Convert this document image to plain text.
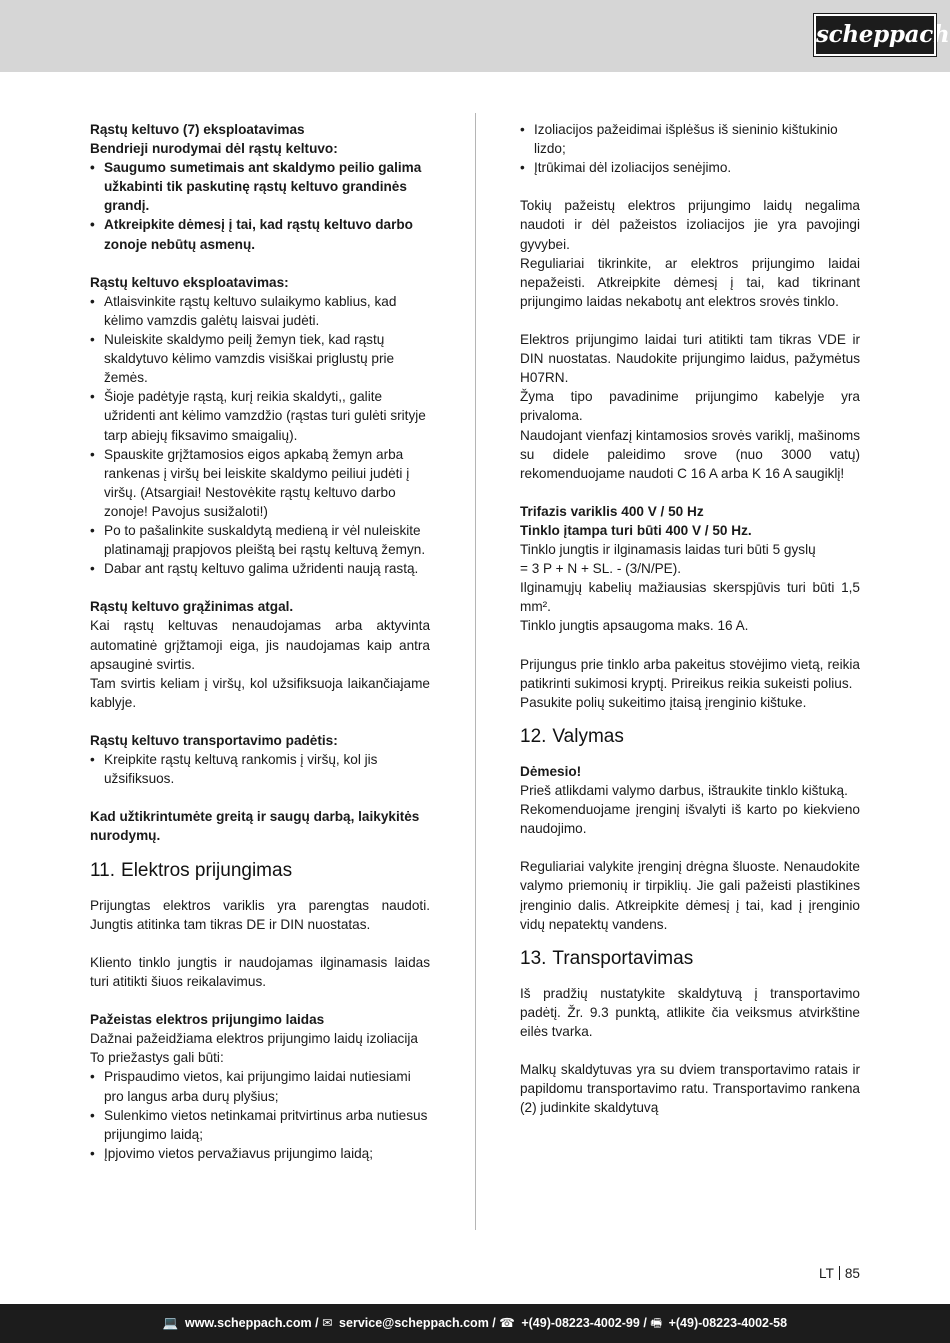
scheppach

Rąstų keltuvo (7) eksploatavimas

Bendrieji nurodymai dėl rąstų keltuvo:

• Saugumo sumetimais ant skaldymo peilio galima užkabinti tik paskutinę rąstų keltuvo grandinės grandį.
• Atkreipkite dėmesį į tai, kad rąstų keltuvo darbo zonoje nebūtų asmenų.

Rąstų keltuvo eksploatavimas:

• Atlaisvinkite rąstų keltuvo sulaikymo kablius, kad kėlimo vamzdis galėtų laisvai judėti.
• Nuleiskite skaldymo peilį žemyn tiek, kad rąstų skaldytuvo kėlimo vamzdis visiškai priglustų prie žemės.
• Šioje padėtyje rąstą, kurį reikia skaldyti,, galite užridenti ant kėlimo vamzdžio (rąstas turi gulėti srityje tarp abiejų fiksavimo smaigalių).
• Spauskite grįžtamosios eigos apkabą žemyn arba rankenas į viršų bei leiskite skaldymo peiliui judėti į viršų. (Atsargiai! Nestovėkite rąstų keltuvo darbo zonoje! Pavojus susižaloti!)
• Po to pašalinkite suskaldytą medieną ir vėl nuleiskite platinamąjį prapjovos pleištą bei rąstų keltuvą žemyn.
• Dabar ant rąstų keltuvo galima užridenti naują rastą.

Rąstų keltuvo grąžinimas atgal.

Kai rąstų keltuvas nenaudojamas arba aktyvinta automatinė grįžtamoji eiga, jis naudojamas kaip antra apsauginė svirtis.

Tam svirtis keliam į viršų, kol užsifiksuoja laikančiajame kablyje.

Rąstų keltuvo transportavimo padėtis:

• Kreipkite rąstų keltuvą rankomis į viršų, kol jis užsifiksuos.

Kad užtikrintumėte greitą ir saugų darbą, laikykitės nurodymų.

11. Elektros prijungimas

Prijungtas elektros variklis yra parengtas naudoti. Jungtis atitinka tam tikras DE ir DIN nuostatas.

Kliento tinklo jungtis ir naudojamas ilginamasis laidas turi atitikti šiuos reikalavimus.

Pažeistas elektros prijungimo laidas

Dažnai pažeidžiama elektros prijungimo laidų izoliacija

To priežastys gali būti:

• Prispaudimo vietos, kai prijungimo laidai nutiesiami pro langus arba durų plyšius;
• Sulenkimo vietos netinkamai pritvirtinus arba nutiesus prijungimo laidą;
• Įpjovimo vietos pervažiavus prijungimo laidą;
• Izoliacijos pažeidimai išplėšus iš sieninio kištukinio lizdo;
• Įtrūkimai dėl izoliacijos senėjimo.

Tokių pažeistų elektros prijungimo laidų negalima naudoti ir dėl pažeistos izoliacijos jie yra pavojingi gyvybei.

Reguliariai tikrinkite, ar elektros prijungimo laidai nepažeisti. Atkreipkite dėmesį į tai, kad tikrinant prijungimo laidas nekabotų ant elektros srovės tinklo.

Elektros prijungimo laidai turi atitikti tam tikras VDE ir DIN nuostatas. Naudokite prijungimo laidus, pažymėtus H07RN.

Žyma tipo pavadinime prijungimo kabelyje yra privaloma.

Naudojant vienfazį kintamosios srovės variklį, mašinoms su didele paleidimo srove (nuo 3000 vatų) rekomenduojame naudoti C 16 A arba K 16 A saugiklį!

Trifazis variklis 400 V / 50 Hz

Tinklo įtampa turi būti 400 V / 50 Hz.

Tinklo jungtis ir ilginamasis laidas turi būti 5 gyslų

= 3 P + N + SL. - (3/N/PE).

Ilginamųjų kabelių mažiausias skerspjūvis turi būti 1,5 mm².

Tinklo jungtis apsaugoma maks. 16 A.

Prijungus prie tinklo arba pakeitus stovėjimo vietą, reikia patikrinti sukimosi kryptį. Prireikus reikia sukeisti polius.

Pasukite polių sukeitimo įtaisą įrenginio kištuke.

12. Valymas

Dėmesio!

Prieš atlikdami valymo darbus, ištraukite tinklo kištuką.

Rekomenduojame įrenginį išvalyti iš karto po kiekvieno naudojimo.

Reguliariai valykite įrenginį drėgna šluoste. Nenaudokite valymo priemonių ir tirpiklių. Jie gali pažeisti plastikines įrenginio dalis. Atkreipkite dėmesį į tai, kad į įrenginio vidų nepatektų vandens.

13. Transportavimas

Iš pradžių nustatykite skaldytuvą į transportavimo padėtį. Žr. 9.3 punktą, atlikite čia veiksmus atvirkštine eilės tvarka.

Malkų skaldytuvas yra su dviem transportavimo ratais ir papildomu transportavimo ratu. Transportavimo rankena (2) judinkite skaldytuvą

LT 85
💻 www.scheppach.com / ✉ service@scheppach.com / ☎ +(49)-08223-4002-99 / 🖷 +(49)-08223-4002-58
